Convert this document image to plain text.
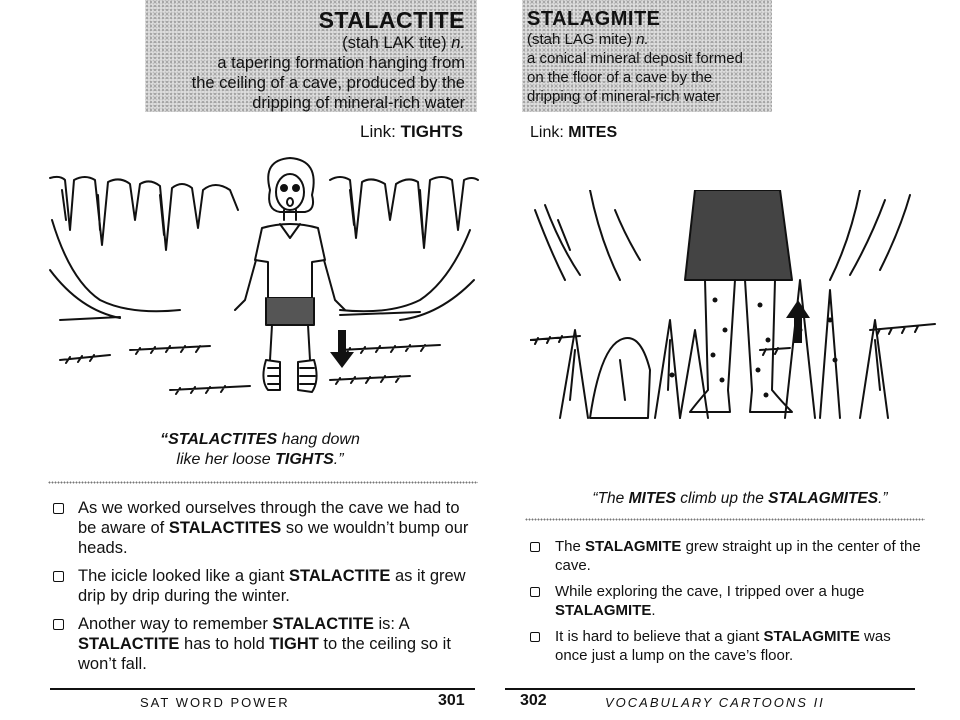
STALACTITE
(stah LAK tite) n.
a tapering formation hanging from
the ceiling of a cave, produced by the
dripping of mineral-rich water
Link: TIGHTS
“STALACTITES hang down
like her loose TIGHTS.”
As we worked ourselves through the cave we had to be aware of STALACTITES so we wouldn’t bump our heads.
The icicle looked like a giant STALACTITE as it grew drip by drip during the winter.
Another way to remember STALACTITE is: A STALACTITE has to hold TIGHT to the ceiling so it won’t fall.
SAT WORD POWER	301
STALAGMITE
(stah LAG mite) n.
a conical mineral deposit formed
on the floor of a cave by the
dripping of mineral-rich water
Link: MITES
“The MITES climb up the STALAGMITES.”
The STALAGMITE grew straight up in the center of the cave.
While exploring the cave, I tripped over a huge STALAGMITE.
It is hard to believe that a giant STALAGMITE was once just a lump on the cave’s floor.
302	VOCABULARY CARTOONS II
